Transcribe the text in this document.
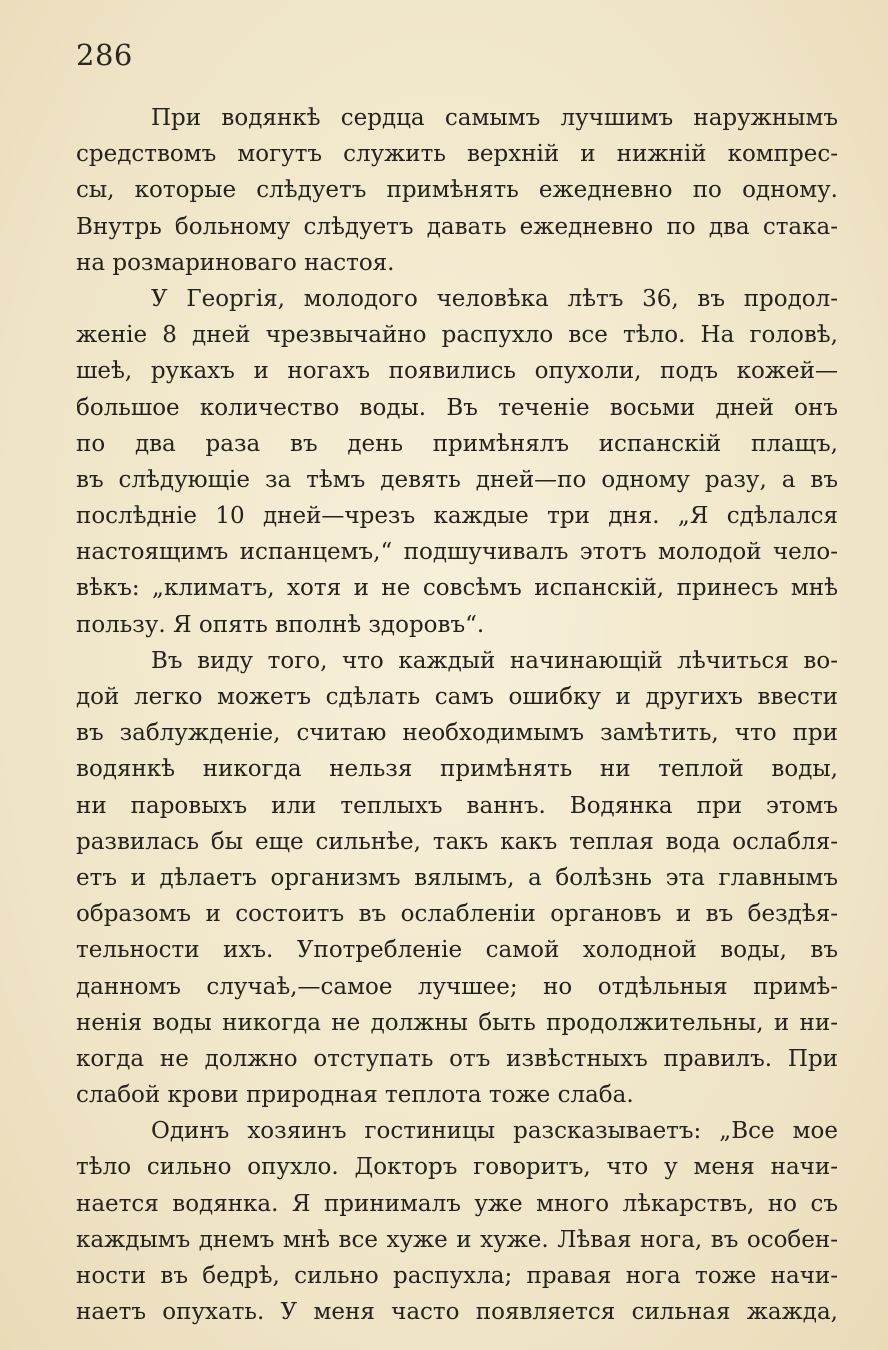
286
При водянкѣ сердца самымъ лучшимъ наружнымъ
средствомъ могутъ служить верхній и нижній компрес-
сы, которые слѣдуетъ примѣнять ежедневно по одному.
Внутрь больному слѣдуетъ давать ежедневно по два стака-
на розмариноваго настоя.
У Георгія, молодого человѣка лѣтъ 36, въ продол-
женіе 8 дней чрезвычайно распухло все тѣло. На головѣ,
шеѣ, рукахъ и ногахъ появились опухоли, подъ кожей—
большое количество воды. Въ теченіе восьми дней онъ
по два раза въ день примѣнялъ испанскій плащъ,
въ слѣдующіе за тѣмъ девять дней—по одному разу, а въ
послѣдніе 10 дней—чрезъ каждые три дня. „Я сдѣлался
настоящимъ испанцемъ,“ подшучивалъ этотъ молодой чело-
вѣкъ: „климатъ, хотя и не совсѣмъ испанскій, принесъ мнѣ
пользу. Я опять вполнѣ здоровъ“.
Въ виду того, что каждый начинающій лѣчиться во-
дой легко можетъ сдѣлать самъ ошибку и другихъ ввести
въ заблужденіе, считаю необходимымъ замѣтить, что при
водянкѣ никогда нельзя примѣнять ни теплой воды,
ни паровыхъ или теплыхъ ваннъ. Водянка при этомъ
развилась бы еще сильнѣе, такъ какъ теплая вода ослабля-
етъ и дѣлаетъ организмъ вялымъ, а болѣзнь эта главнымъ
образомъ и состоитъ въ ослабленіи органовъ и въ бездѣя-
тельности ихъ. Употребленіе самой холодной воды, въ
данномъ случаѣ,—самое лучшее; но отдѣльныя примѣ-
ненія воды никогда не должны быть продолжительны, и ни-
когда не должно отступать отъ извѣстныхъ правилъ. При
слабой крови природная теплота тоже слаба.
Одинъ хозяинъ гостиницы разсказываетъ: „Все мое
тѣло сильно опухло. Докторъ говоритъ, что у меня начи-
нается водянка. Я принималъ уже много лѣкарствъ, но съ
каждымъ днемъ мнѣ все хуже и хуже. Лѣвая нога, въ особен-
ности въ бедрѣ, сильно распухла; правая нога тоже начи-
наетъ опухать. У меня часто появляется сильная жажда,
